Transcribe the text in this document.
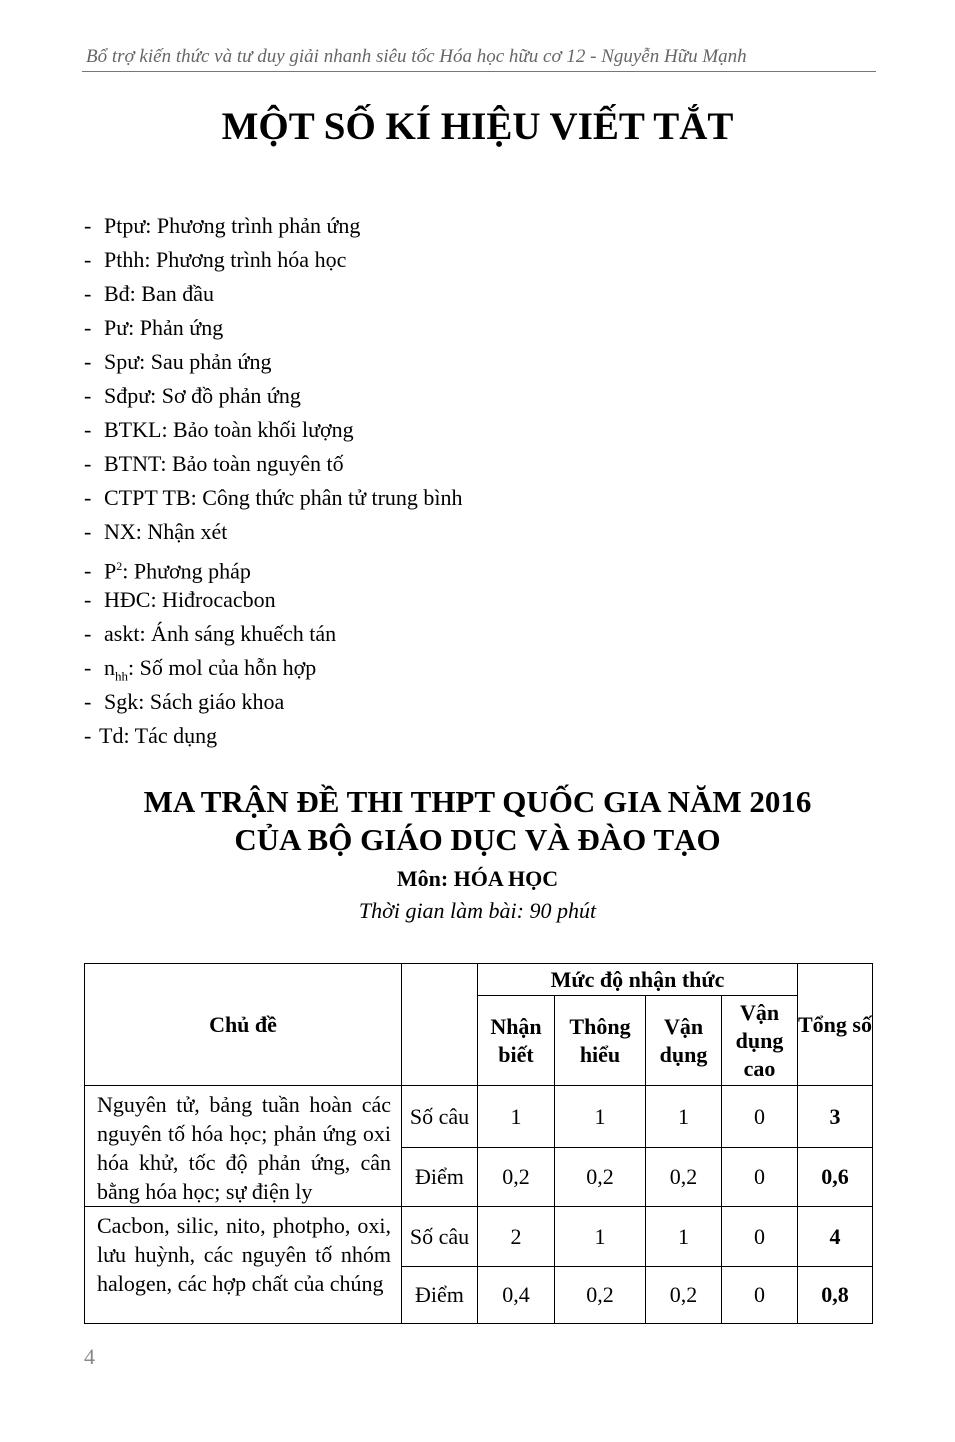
Bổ trợ kiến thức và tư duy giải nhanh siêu tốc Hóa học hữu cơ 12 - Nguyễn Hữu Mạnh
MỘT SỐ KÍ HIỆU VIẾT TẮT
- Ptpư: Phương trình phản ứng
- Pthh: Phương trình hóa học
- Bđ: Ban đầu
- Pư: Phản ứng
- Spư: Sau phản ứng
- Sđpư: Sơ đồ phản ứng
- BTKL: Bảo toàn khối lượng
- BTNT: Bảo toàn nguyên tố
- CTPT TB: Công thức phân tử trung bình
- NX: Nhận xét
- $P^2$: Phương pháp
- HĐC: Hiđrocacbon
- askt: Ánh sáng khuếch tán
- $n_{hh}$: Số mol của hỗn hợp
- Sgk: Sách giáo khoa
- Td: Tác dụng
MA TRẬN ĐỀ THI THPT QUỐC GIA NĂM 2016
CỦA BỘ GIÁO DỤC VÀ ĐÀO TẠO
Môn: HÓA HỌC
Thời gian làm bài: 90 phút
Chủ đề		Mức độ nhận thức				Tổng số
		Nhận biết	Thông hiểu	Vận dụng	Vận dụng cao	
Nguyên tử, bảng tuần hoàn các nguyên tố hóa học; phản ứng oxi hóa khử, tốc độ phản ứng, cân bằng hóa học; sự điện ly	Số câu	1	1	1	0	3
	Điểm	0,2	0,2	0,2	0	0,6
Cacbon, silic, nito, photpho, oxi, lưu huỳnh, các nguyên tố nhóm halogen, các hợp chất của chúng	Số câu	2	1	1	0	4
	Điểm	0,4	0,2	0,2	0	0,8
4
